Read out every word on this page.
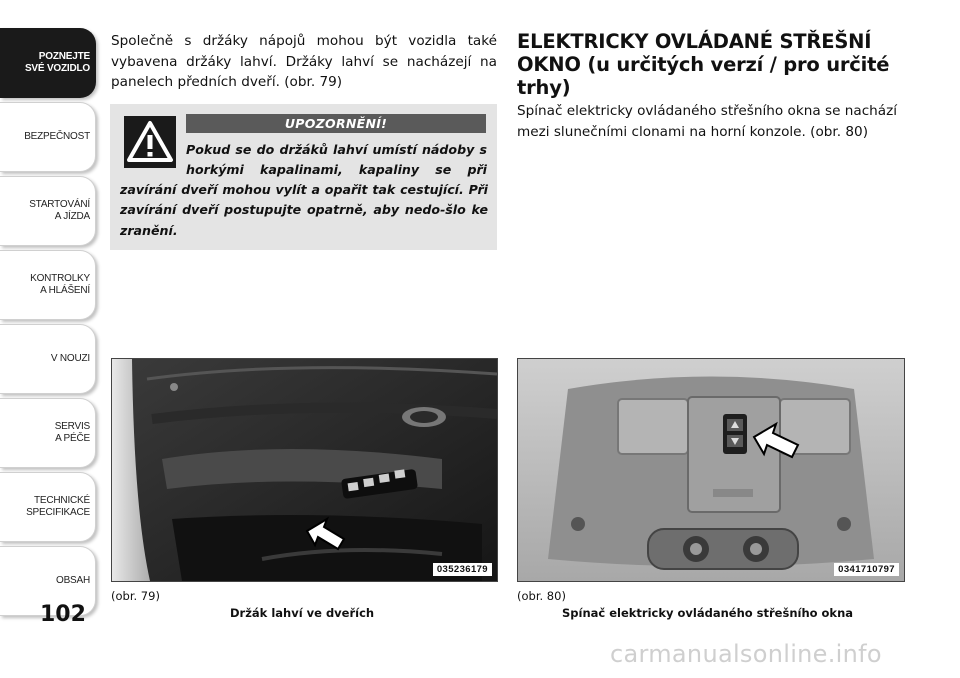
POZNEJTE
SVÉ VOZIDLO
BEZPEČNOST
STARTOVÁNÍ
A JÍZDA
KONTROLKY
A HLÁŠENÍ
V NOUZI
SERVIS
A PÉČE
TECHNICKÉ
SPECIFIKACE
OBSAH
102

Společně s držáky nápojů mohou být vozidla také vybavena držáky lahví. Držáky lahví se nacházejí na panelech předních dveří. (obr. 79)

UPOZORNĚNÍ!

Pokud se do držáků lahví umístí nádoby s horkými kapalinami, kapaliny se při

zavírání dveří mohou vylít a opařit tak cestující. Při zavírání dveří postupujte opatrně, aby nedo-šlo ke zranění.

ELEKTRICKY OVLÁDANÉ STŘEŠNÍ OKNO (u určitých verzí / pro určité trhy)

Spínač elektricky ovládaného střešního okna se nachází mezi slunečními clonami na horní konzole. (obr. 80)

035236179
(obr. 79)
Držák lahví ve dveřích
0341710797
(obr. 80)
Spínač elektricky ovládaného střešního okna
carmanualsonline.info
